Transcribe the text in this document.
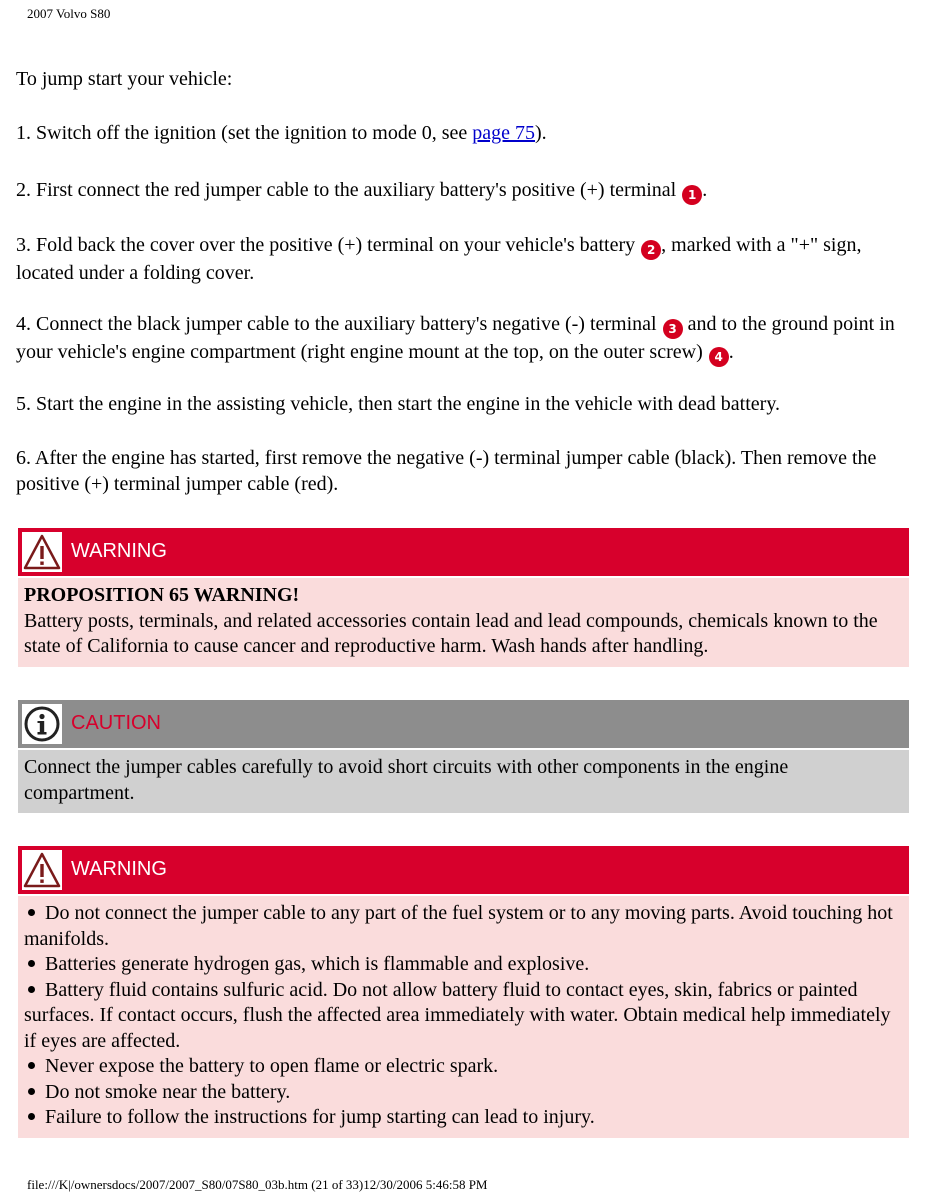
2007 Volvo S80
To jump start your vehicle:
1. Switch off the ignition (set the ignition to mode 0, see page 75).
2. First connect the red jumper cable to the auxiliary battery's positive (+) terminal 1 .
3. Fold back the cover over the positive (+) terminal on your vehicle's battery 2 , marked with a "+" sign, located under a folding cover.
4. Connect the black jumper cable to the auxiliary battery's negative (-) terminal 3 and to the ground point in your vehicle's engine compartment (right engine mount at the top, on the outer screw) 4 .
5. Start the engine in the assisting vehicle, then start the engine in the vehicle with dead battery.
6. After the engine has started, first remove the negative (-) terminal jumper cable (black). Then remove the positive (+) terminal jumper cable (red).
WARNING
PROPOSITION 65 WARNING!
Battery posts, terminals, and related accessories contain lead and lead compounds, chemicals known to the state of California to cause cancer and reproductive harm. Wash hands after handling.
CAUTION
Connect the jumper cables carefully to avoid short circuits with other components in the engine compartment.
WARNING
Do not connect the jumper cable to any part of the fuel system or to any moving parts. Avoid touching hot manifolds.
Batteries generate hydrogen gas, which is flammable and explosive.
Battery fluid contains sulfuric acid. Do not allow battery fluid to contact eyes, skin, fabrics or painted surfaces. If contact occurs, flush the affected area immediately with water. Obtain medical help immediately if eyes are affected.
Never expose the battery to open flame or electric spark.
Do not smoke near the battery.
Failure to follow the instructions for jump starting can lead to injury.
file:///K|/ownersdocs/2007/2007_S80/07S80_03b.htm (21 of 33)12/30/2006 5:46:58 PM
